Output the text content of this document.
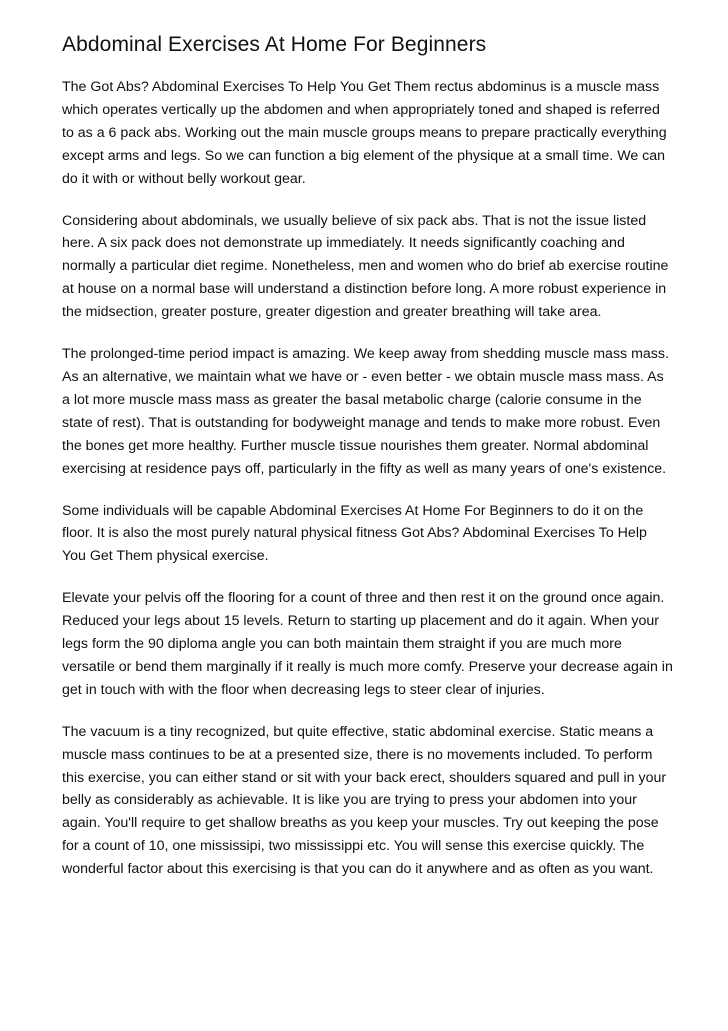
Abdominal Exercises At Home For Beginners

The Got Abs? Abdominal Exercises To Help You Get Them rectus abdominus is a muscle mass which operates vertically up the abdomen and when appropriately toned and shaped is referred to as a 6 pack abs. Working out the main muscle groups means to prepare practically everything except arms and legs. So we can function a big element of the physique at a small time. We can do it with or without belly workout gear.

Considering about abdominals, we usually believe of six pack abs. That is not the issue listed here. A six pack does not demonstrate up immediately. It needs significantly coaching and normally a particular diet regime. Nonetheless, men and women who do brief ab exercise routine at house on a normal base will understand a distinction before long. A more robust experience in the midsection, greater posture, greater digestion and greater breathing will take area.

The prolonged-time period impact is amazing. We keep away from shedding muscle mass mass. As an alternative, we maintain what we have or - even better - we obtain muscle mass mass. As a lot more muscle mass mass as greater the basal metabolic charge (calorie consume in the state of rest). That is outstanding for bodyweight manage and tends to make more robust. Even the bones get more healthy. Further muscle tissue nourishes them greater. Normal abdominal exercising at residence pays off, particularly in the fifty as well as many years of one's existence.

Some individuals will be capable Abdominal Exercises At Home For Beginners to do it on the floor. It is also the most purely natural physical fitness Got Abs? Abdominal Exercises To Help You Get Them physical exercise.

Elevate your pelvis off the flooring for a count of three and then rest it on the ground once again. Reduced your legs about 15 levels. Return to starting up placement and do it again. When your legs form the 90 diploma angle you can both maintain them straight if you are much more versatile or bend them marginally if it really is much more comfy. Preserve your decrease again in get in touch with with the floor when decreasing legs to steer clear of injuries.

The vacuum is a tiny recognized, but quite effective, static abdominal exercise. Static means a muscle mass continues to be at a presented size, there is no movements included. To perform this exercise, you can either stand or sit with your back erect, shoulders squared and pull in your belly as considerably as achievable. It is like you are trying to press your abdomen into your again. You'll require to get shallow breaths as you keep your muscles. Try out keeping the pose for a count of 10, one mississipi, two mississippi etc. You will sense this exercise quickly. The wonderful factor about this exercising is that you can do it anywhere and as often as you want.
